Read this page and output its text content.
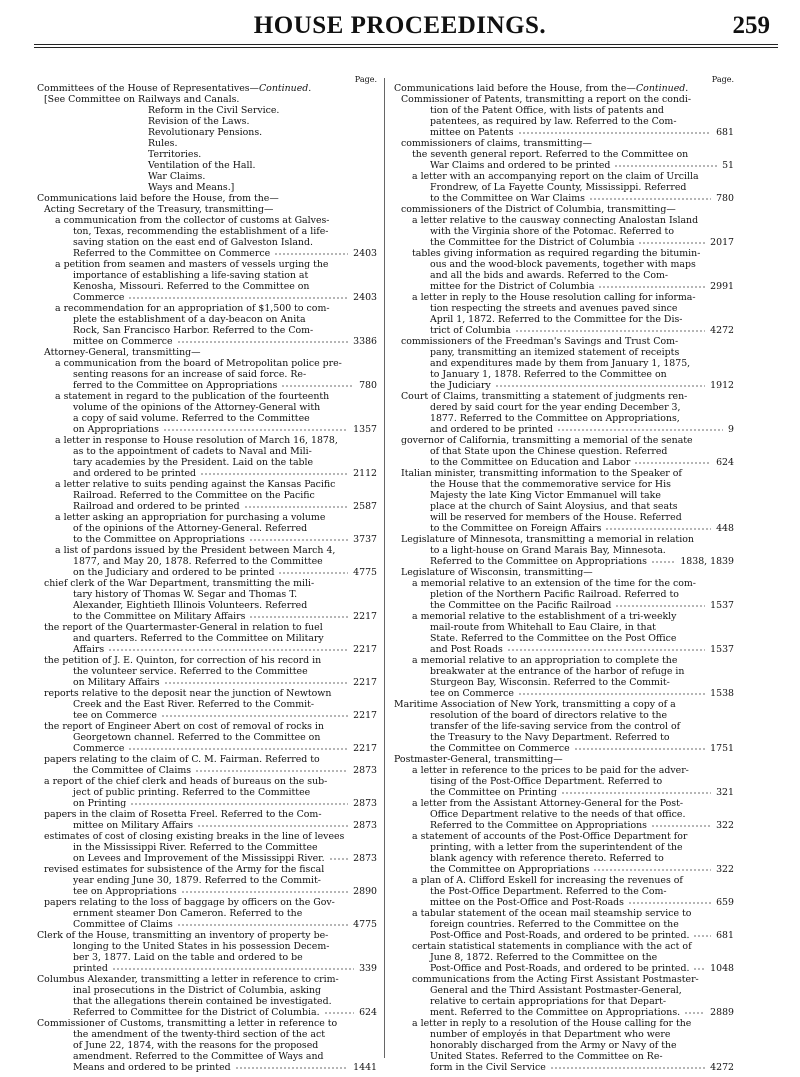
HOUSE PROCEEDINGS.	259
Page.
Committees of the House of Representatives— Continued.
[See Committee on Railways and Canals.
Reform in the Civil Service.
Revision of the Laws.
Revolutionary Pensions.
Rules.
Territories.
Ventilation of the Hall.
War Claims.
Ways and Means.]
Communications laid before the House, from the—
Acting Secretary of the Treasury, transmitting—
a communication from the collector of customs at Galves-
ton, Texas, recommending the establishment of a life-
saving station on the east end of Galveston Island.
Referred to the Committee on Commerce	2403
a petition from seamen and masters of vessels urging the
importance of establishing a life-saving station at
Kenosha, Missouri. Referred to the Committee on
Commerce	2403
a recommendation for an appropriation of $1,500 to com-
plete the establishment of a day-beacon on Anita
Rock, San Francisco Harbor. Referred to the Com-
mittee on Commerce	3386
Attorney-General, transmitting—
a communication from the board of Metropolitan police pre-
senting reasons for an increase of said force. Re-
ferred to the Committee on Appropriations	780
a statement in regard to the publication of the fourteenth
volume of the opinions of the Attorney-General with
a copy of said volume. Referred to the Committee
on Appropriations	1357
a letter in response to House resolution of March 16, 1878,
as to the appointment of cadets to Naval and Mili-
tary academies by the President. Laid on the table
and ordered to be printed	2112
a letter relative to suits pending against the Kansas Pacific
Railroad. Referred to the Committee on the Pacific
Railroad and ordered to be printed	2587
a letter asking an appropriation for purchasing a volume
of the opinions of the Attorney-General. Referred
to the Committee on Appropriations	3737
a list of pardons issued by the President between March 4,
1877, and May 20, 1878. Referred to the Committee
on the Judiciary and ordered to be printed	4775
chief clerk of the War Department, transmitting the mili-
tary history of Thomas W. Segar and Thomas T.
Alexander, Eightieth Illinois Volunteers. Referred
to the Committee on Military Affairs	2217
the report of the Quartermaster-General in relation to fuel
and quarters. Referred to the Committee on Military
Affairs	2217
the petition of J. E. Quinton, for correction of his record in
the volunteer service. Referred to the Committee
on Military Affairs	2217
reports relative to the deposit near the junction of Newtown
Creek and the East River. Referred to the Commit-
tee on Commerce	2217
the report of Engineer Abert on cost of removal of rocks in
Georgetown channel. Referred to the Committee on
Commerce	2217
papers relating to the claim of C. M. Fairman. Referred to
the Committee of Claims	2873
a report of the chief clerk and heads of bureaus on the sub-
ject of public printing. Referred to the Committee
on Printing	2873
papers in the claim of Rosetta Freel. Referred to the Com-
mittee on Military Affairs	2873
estimates of cost of closing existing breaks in the line of levees
in the Mississippi River. Referred to the Committee
on Levees and Improvement of the Mississippi River.	2873
revised estimates for subsistence of the Army for the fiscal
year ending June 30, 1879. Referred to the Commit-
tee on Appropriations	2890
papers relating to the loss of baggage by officers on the Gov-
ernment steamer Don Cameron. Referred to the
Committee of Claims	4775
Clerk of the House, transmitting an inventory of property be-
longing to the United States in his possession Decem-
ber 3, 1877. Laid on the table and ordered to be
printed	339
Columbus Alexander, transmitting a letter in reference to crim-
inal prosecutions in the District of Columbia, asking
that the allegations therein contained be investigated.
Referred to Committee for the District of Columbia.	624
Commissioner of Customs, transmitting a letter in reference to
the amendment of the twenty-third section of the act
of June 22, 1874, with the reasons for the proposed
amendment. Referred to the Committee of Ways and
Means and ordered to be printed	1441
Page.
Communications laid before the House, from the— Continued.
Commissioner of Patents, transmitting a report on the condi-
tion of the Patent Office, with lists of patents and
patentees, as required by law. Referred to the Com-
mittee on Patents	681
commissioners of claims, transmitting—
the seventh general report. Referred to the Committee on
War Claims and ordered to be printed	51
a letter with an accompanying report on the claim of Urcilla
Frondrew, of La Fayette County, Mississippi. Referred
to the Committee on War Claims	780
commissioners of the District of Columbia, transmitting—
a letter relative to the causway connecting Analostan Island
with the Virginia shore of the Potomac. Referred to
the Committee for the District of Columbia	2017
tables giving information as required regarding the bitumin-
ous and the wood-block pavements, together with maps
and all the bids and awards. Referred to the Com-
mittee for the District of Columbia	2991
a letter in reply to the House resolution calling for informa-
tion respecting the streets and avenues paved since
April 1, 1872. Referred to the Committee for the Dis-
trict of Columbia	4272
commissioners of the Freedman's Savings and Trust Com-
pany, transmitting an itemized statement of receipts
and expenditures made by them from January 1, 1875,
to January 1, 1878. Referred to the Committee on
the Judiciary	1912
Court of Claims, transmitting a statement of judgments ren-
dered by said court for the year ending December 3,
1877. Referred to the Committee on Appropriations,
and ordered to be printed	9
governor of California, transmitting a memorial of the senate
of that State upon the Chinese question. Referred
to the Committee on Education and Labor	624
Italian minister, transmitting information to the Speaker of
the House that the commemorative service for His
Majesty the late King Victor Emmanuel will take
place at the church of Saint Aloysius, and that seats
will be reserved for members of the House. Referred
to the Committee on Foreign Affairs	448
Legislature of Minnesota, transmitting a memorial in relation
to a light-house on Grand Marais Bay, Minnesota.
Referred to the Committee on Appropriations	1838, 1839
Legislature of Wisconsin, transmitting—
a memorial relative to an extension of the time for the com-
pletion of the Northern Pacific Railroad. Referred to
the Committee on the Pacific Railroad	1537
a memorial relative to the establishment of a tri-weekly
mail-route from Whitehall to Eau Claire, in that
State. Referred to the Committee on the Post Office
and Post Roads	1537
a memorial relative to an appropriation to complete the
breakwater at the entrance of the harbor of refuge in
Sturgeon Bay, Wisconsin. Referred to the Commit-
tee on Commerce	1538
Maritime Association of New York, transmitting a copy of a
resolution of the board of directors relative to the
transfer of the life-saving service from the control of
the Treasury to the Navy Department. Referred to
the Committee on Commerce	1751
Postmaster-General, transmitting—
a letter in reference to the prices to be paid for the adver-
tising of the Post-Office Department. Referred to
the Committee on Printing	321
a letter from the Assistant Attorney-General for the Post-
Office Department relative to the needs of that office.
Referred to the Committee on Appropriations	322
a statement of accounts of the Post-Office Department for
printing, with a letter from the superintendent of the
blank agency with reference thereto. Referred to
the Committee on Appropriations	322
a plan of A. Clifford Eskell for increasing the revenues of
the Post-Office Department. Referred to the Com-
mittee on the Post-Office and Post-Roads	659
a tabular statement of the ocean mail steamship service to
foreign countries. Referred to the Committee on the
Post-Office and Post-Roads, and ordered to be printed.	681
certain statistical statements in compliance with the act of
June 8, 1872. Referred to the Committee on the
Post-Office and Post-Roads, and ordered to be printed. 1048
communications from the Acting First Assistant Postmaster-
General and the Third Assistant Postmaster-General,
relative to certain appropriations for that Depart-
ment. Referred to the Committee on Appropriations.	2889
a letter in reply to a resolution of the House calling for the
number of employés in that Department who were
honorably discharged from the Army or Navy of the
United States. Referred to the Committee on Re-
form in the Civil Service	4272
